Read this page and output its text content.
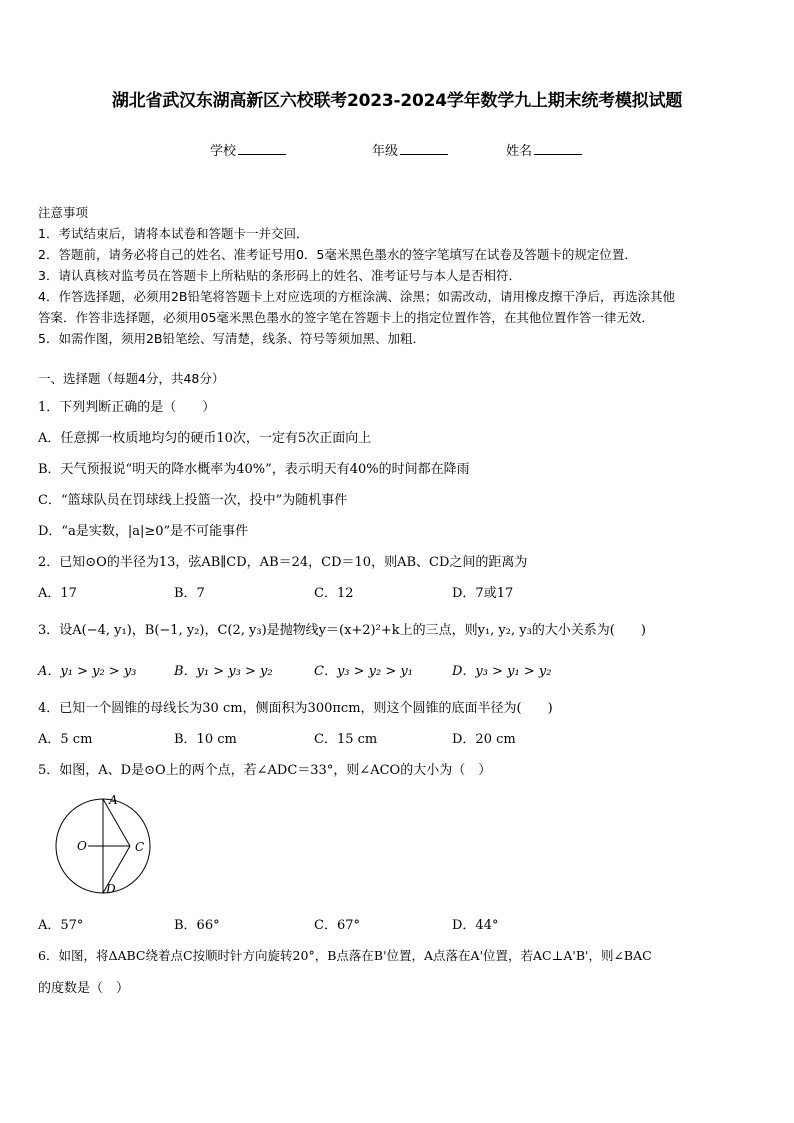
湖北省武汉东湖高新区六校联考2023-2024学年数学九上期末统考模拟试题
学校	年级	姓名

注意事项

1．考试结束后，请将本试卷和答题卡一并交回．

2．答题前，请务必将自己的姓名、准考证号用0．5毫米黑色墨水的签字笔填写在试卷及答题卡的规定位置．

3．请认真核对监考员在答题卡上所粘贴的条形码上的姓名、准考证号与本人是否相符．

4．作答选择题，必须用2B铅笔将答题卡上对应选项的方框涂满、涂黑；如需改动，请用橡皮擦干净后，再选涂其他

答案．作答非选择题，必须用05毫米黑色墨水的签字笔在答题卡上的指定位置作答，在其他位置作答一律无效．

5．如需作图，须用2B铅笔绘、写清楚，线条、符号等须加黑、加粗．

一、选择题（每题4分，共48分）
1．下列判断正确的是（　　）
A．任意掷一枚质地均匀的硬币10次，一定有5次正面向上
B．天气预报说“明天的降水概率为40%”，表示明天有40%的时间都在降雨
C．“篮球队员在罚球线上投篮一次，投中”为随机事件
D．“a是实数，|a|≥0”是不可能事件
2．已知⊙O的半径为13，弦AB∥CD，AB＝24，CD＝10，则AB、CD之间的距离为
A．17	B．7	C．12	D．7或17
3．设A(−4, y₁)，B(−1, y₂)，C(2, y₃)是抛物线y＝(x+2)²+k上的三点，则y₁, y₂, y₃的大小关系为(　　)
A．y₁ > y₂ > y₃	B．y₁ > y₃ > y₂	C．y₃ > y₂ > y₁	D．y₃ > y₁ > y₂
4．已知一个圆锥的母线长为30 cm，侧面积为300πcm，则这个圆锥的底面半径为(　　)
A．5 cm	B．10 cm	C．15 cm	D．20 cm
5．如图，A、D是⊙O上的两个点，若∠ADC＝33°，则∠ACO的大小为（　）
A
O	C
D
A．57°	B．66°	C．67°	D．44°
6．如图，将ΔABC绕着点C按顺时针方向旋转20°，B点落在B'位置，A点落在A'位置，若AC⊥A'B'，则∠BAC
的度数是（　）
